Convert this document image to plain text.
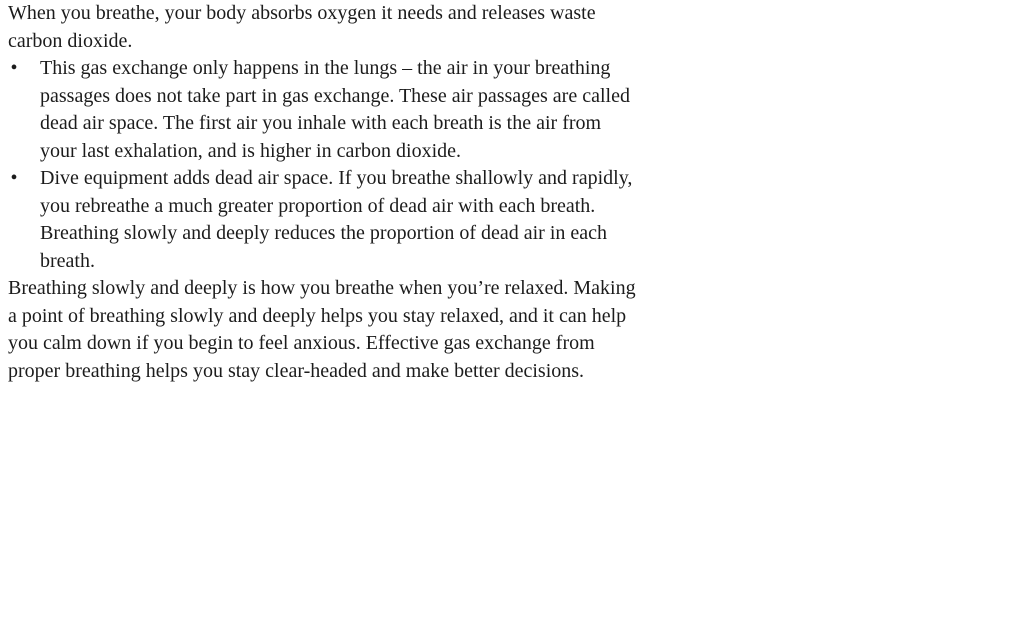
When you breathe, your body absorbs oxygen it needs and releases waste carbon dioxide.

• This gas exchange only happens in the lungs – the air in your breathing passages does not take part in gas exchange. These air passages are called dead air space. The first air you inhale with each breath is the air from your last exhalation, and is higher in carbon dioxide.
• Dive equipment adds dead air space. If you breathe shallowly and rapidly, you rebreathe a much greater proportion of dead air with each breath. Breathing slowly and deeply reduces the proportion of dead air in each breath.

Breathing slowly and deeply is how you breathe when you’re relaxed. Making a point of breathing slowly and deeply helps you stay relaxed, and it can help you calm down if you begin to feel anxious. Effective gas exchange from proper breathing helps you stay clear-headed and make better decisions.
